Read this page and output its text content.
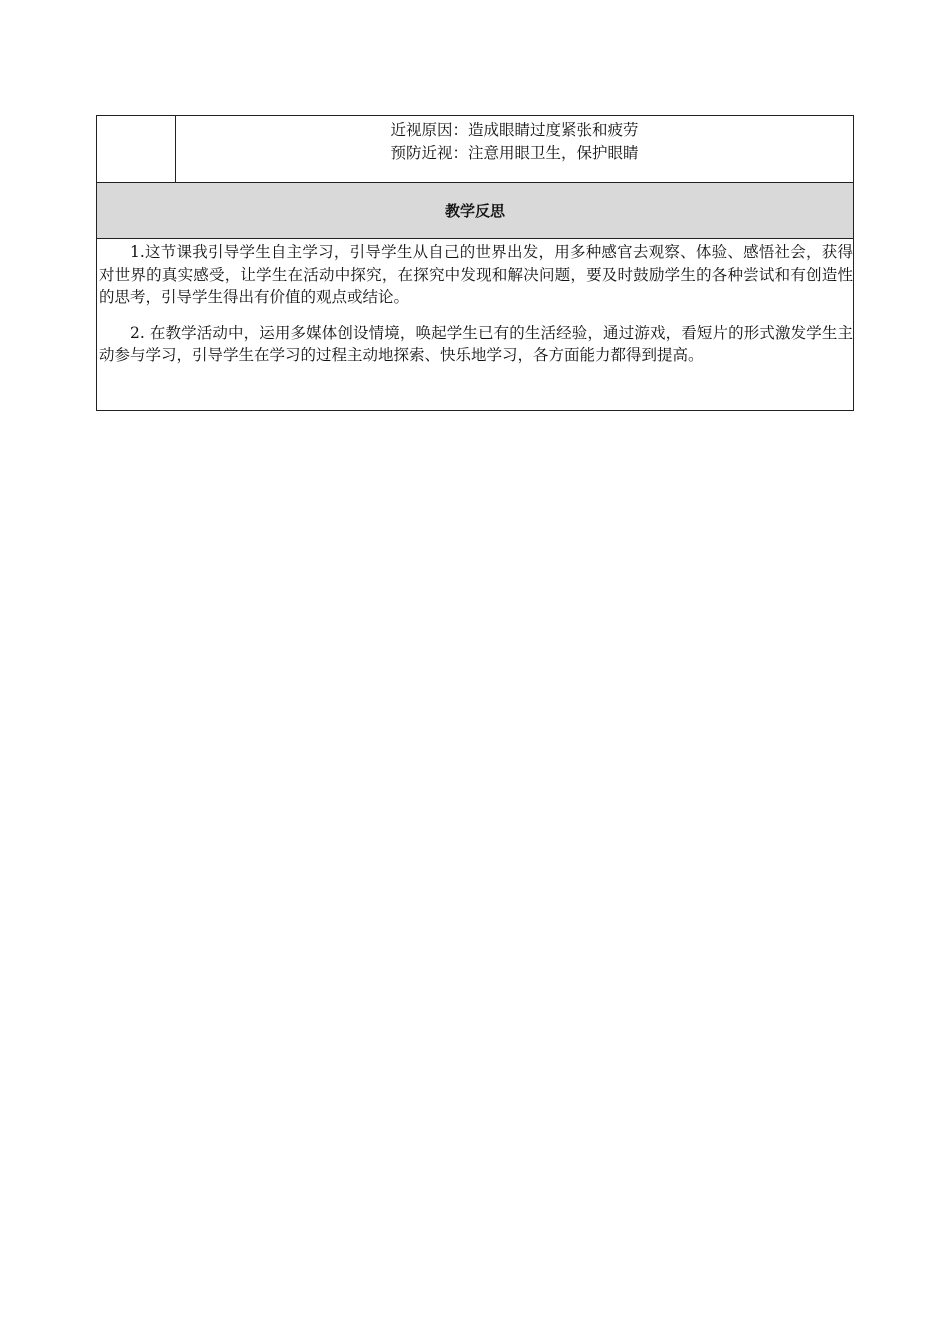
近视原因：造成眼睛过度紧张和疲劳
预防近视：注意用眼卫生，保护眼睛
教学反思

1.这节课我引导学生自主学习，引导学生从自己的世界出发，用多种感官去观察、体验、感悟社会，获得对世界的真实感受，让学生在活动中探究，在探究中发现和解决问题，要及时鼓励学生的各种尝试和有创造性的思考，引导学生得出有价值的观点或结论。

2. 在教学活动中，运用多媒体创设情境，唤起学生已有的生活经验，通过游戏，看短片的形式激发学生主动参与学习，引导学生在学习的过程主动地探索、快乐地学习，各方面能力都得到提高。
